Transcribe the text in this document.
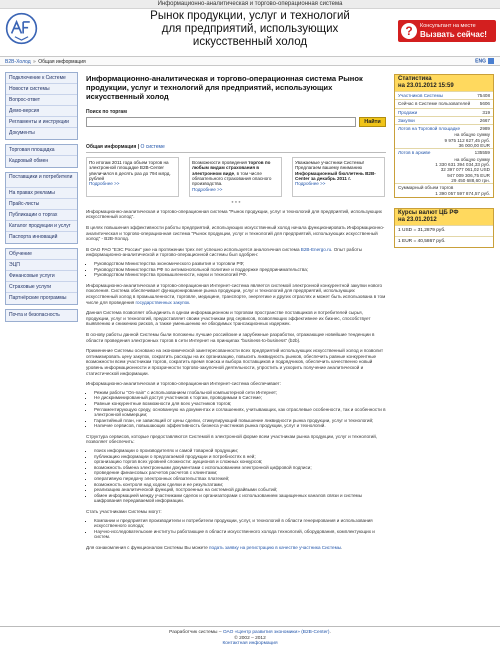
Информационно-аналитическая и торгово-операционная система
Рынок продукции, услуг и технологий
для предприятий, использующих
искусственный холод
?	Консультант на месте
Вызвать сейчас!
B2B-Холод » Общая информация	ENG
Подключение к Системе
Новости системы
Вопрос-ответ
Демо-версия
Регламенты и инструкции
Документы
Торговая площадка
Кадровый обмен
Поставщики и потребители
На правах рекламы
Прайс-листы
Публикации о торгах
Каталог продукции и услуг
Паспорта инноваций
Обучение
ЭЦП
Финансовые услуги
Страховые услуги
Партнёрские программы
Почта и безопасность
Информационно-аналитическая и торгово-операционная система Рынок продукции, услуг и технологий для предприятий, использующих искусственный холод
Поиск по торгам
Найти
Общая информация | О системе
По итогам 2011 года объем торгов на электронной площадке B2B-Center увеличился в десять раз до 794 млрд. рублей
Подробнее >>
Возможности проведения торгов по любым видам страхования в электронном виде, в том числе обязательного страхования опасного производства.
Подробнее >>
Уважаемые участники Системы! Предлагаем вашему вниманию Информационный бюллетень B2B-Center за декабрь 2011 г.
Подробнее >>
● ● ●

Информационно-аналитическая и торгово-операционная система "Рынок продукции, услуг и технологий для предприятий, использующих искусственный холод".

В целях повышения эффективности работы предприятий, использующих искусственный холод начала функционировать Информационно-аналитическая и торгово-операционная система "Рынок продукции, услуг и технологий для предприятий, использующих искусственный холод" - B2B-Холод.

В ОАО РАО "ЕЭС России" уже на протяжении трех лет успешно используется аналогичная система B2B-Energo.ru. Опыт работы информационно-аналитической и торгово-операционной системы был одобрен:

▪ Руководством Министерства экономического развития и торговли РФ;
▪ Руководством Министерства РФ по антимонопольной политике и поддержке предпринимательства;
▪ Руководством Министерства промышленности, науки и технологий РФ.

Информационно-аналитическая и торгово-операционная Интернет-система является системой электронной конкурентной закупки нового поколения. Система обеспечивает функционирование рынка продукции, услуг и технологий для предприятий, использующих искусственный холод в промышленности, торговле, медицине, транспорте, энергетике и других отраслях и может быть использована в том числе для проведения государственных закупок.

Данная Система позволяет объединить в одном информационном и торговом пространстве поставщиков и потребителей сырья, продукции, услуг и технологий, предоставляет своим участникам ряд сервисов, позволяющих эффективнее их бизнес, способствует выявлению и снижению рисков, а также уменьшению не обходимых трансакционных издержек.

В основу работы данной Системы были положены лучшие российские и зарубежные разработки, отражающие новейшие тенденции в области проведения электронных торгов в сети Интернет на принципах "business-to-business" (b2b).

Применение Системы основано на экономической заинтересованности всех предприятий использующих искусственный холод и позволит оптимизировать цену закупок, сократить расходы на их организацию, повысить ликвидность рынков, обеспечить равные конкурентные возможности всем участникам торгов, сократить время поиска и выбора поставщиков и подрядчиков, обеспечить качественно новый уровень информационности и прозрачности торгово-закупочной деятельности, упростить и ускорить получение аналитической и статистической информации.

Информационно-аналитическая и торгово-операционная Интернет-система обеспечивает:

▪ Режим работы "On-nain" с использованием глобальной компьютерной сети Интернет;
▪ Не дискриминированный доступ участников к торгам, проводимым в Системе;
▪ Равные конкурентные возможности для всех участников торгов;
▪ Регламентирующую среду, основанную на документах и соглашениях, учитывающих, как отраслевые особенности, так и особенности в электронной коммерции;
▪ Гарантийный план, не зависящий от цены сделки, стимулирующий повышение ликвидности рынка продукции, услуг и технологий;
▪ Наличие сервисов, повышающих эффективность бизнеса участников рынка продукции, услуг и технологий.

Структура сервисов, которые предоставляются Системой в электронной форме всем участникам рынка продукции, услуг и технологий, позволяет обеспечить:

▪ поиск информации о производителях и самой товарной продукции;
▪ публикацию информации о предлагаемой продукции и потребностях в ней;
▪ организацию торгов всех уровней сложности: аукционов и сложных конкурсов;
▪ возможность обмена электронными документами с использованием электронной цифровой подписи;
▪ проведение финансовых расчетов расчетов с клиентами;
▪ оперативную передачу электронных обязательствах платежей;
▪ возможность контроля над ходом сделки и ее результатами;
▪ реализацию аналитической функций, построенных на системной драйвыми событий;
▪ обмен информацией между участниками сделок и организаторами с использованием защищенных каналов связи и системы шифрования передаваемой информации.

Стать участниками Системы могут:

▪ Компании и предприятия производители и потребители продукции, услуг, и технологий в области генерирования и использования искусственного холода;
▪ Научно-исследовательские институты работающие в области искусственного холода технологий, оборудования, комплектующих и систем.

Для ознакомления с функционалом Системы Вы можете подать заявку на регистрацию в качестве участника Системы.

Статистика
на 23.01.2012 15:59
Участников Системы	75408
Сейчас в Системе пользователей 5606
Продажи	319
Закупки	2667
Лотов на Торговой площадке	2989
на общую сумму
9 975 112 627,45 руб.
36 000,00 EUR
Лотов в архиве	135559
на общую сумму
1 330 631 394 034,33 руб.
32 397 077 061,02 USD
947 009 306,75 EUR
29 450 688,60 грн.
Суммарный объем торгов
1 390 057 597 874,57 руб.
Курсы валют ЦБ РФ
на 23.01.2012
1 USD = 31,2879 руб.
1 EUR = 40,5867 руб.
Разработчик системы – ОАО «Центр развития экономики» (B2B-Center).
© 2002 – 2012
Контактная информация
